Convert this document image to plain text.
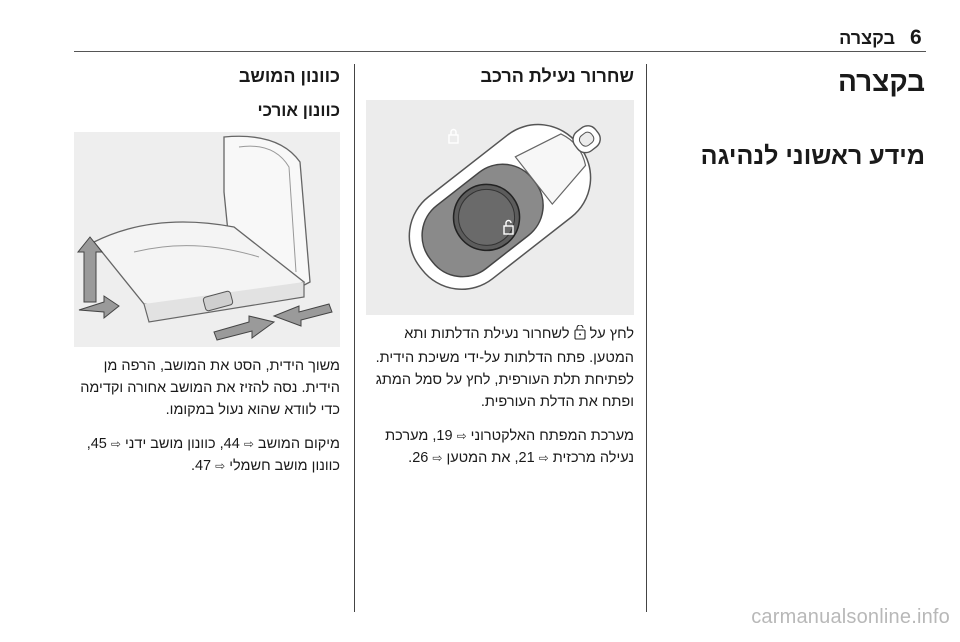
6
בקצרה
בקצרה
מידע ראשוני לנהיגה
שחרור נעילת הרכב

לחץ על  לשחרור נעילת הדלתות ותא המטען. פתח הדלתות על-ידי משיכת הידית. לפתיחת תלת העורפית, לחץ על סמל המתג ופתח את הדלת העורפית.

מערכת המפתח האלקטרוני ⇨ 19, מערכת נעילה מרכזית ⇨ 21, את המטען ⇨ 26.

כוונון המושב
כוונון אורכי

משוך הידית, הסט את המושב, הרפה מן הידית. נסה להזיז את המושב אחורה וקדימה כדי לוודא שהוא נעול במקומו.

מיקום המושב ⇨ 44, כוונון מושב ידני ⇨ 45, כוונון מושב חשמלי ⇨ 47.

carmanualsonline.info
